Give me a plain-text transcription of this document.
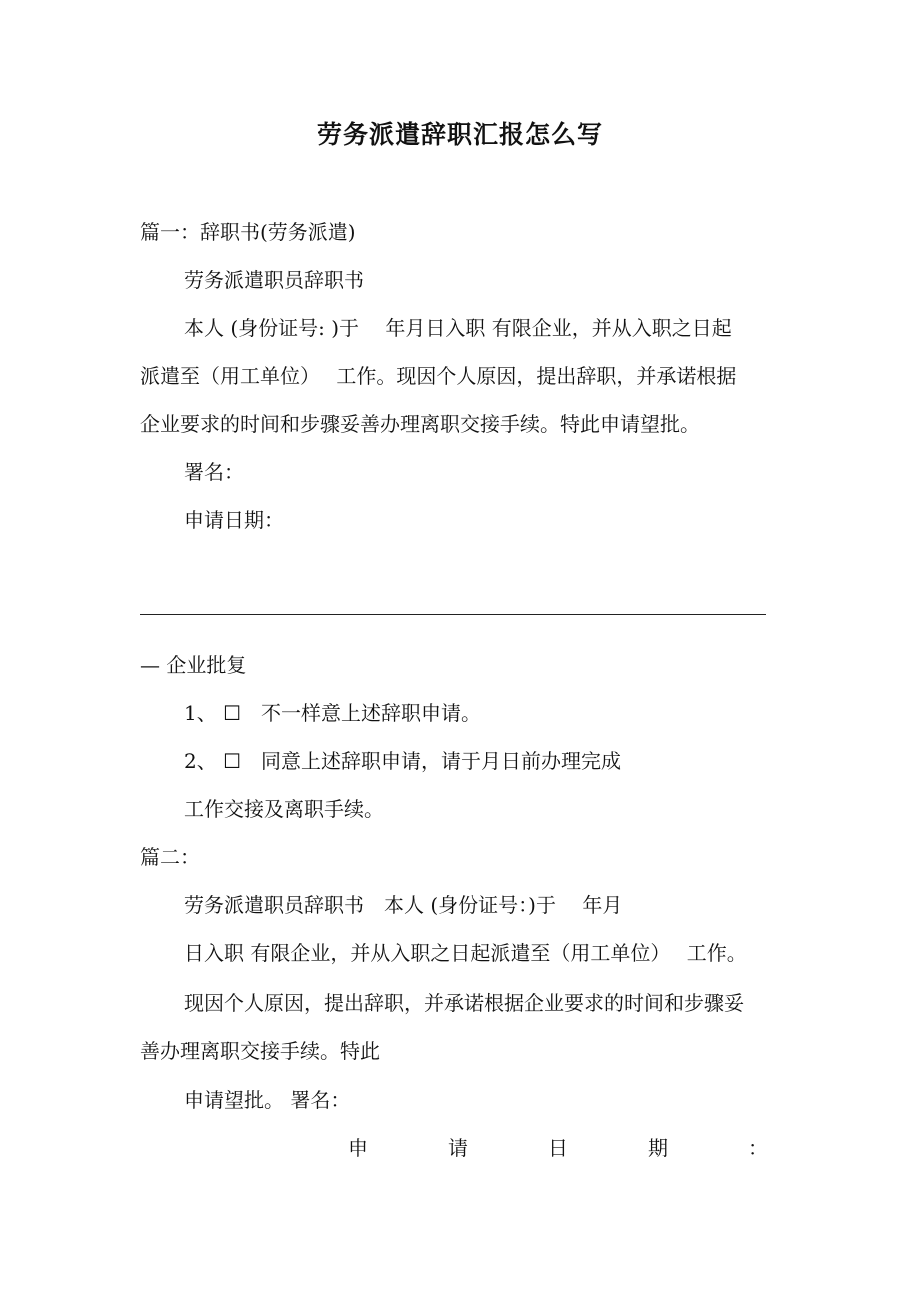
劳务派遣辞职汇报怎么写
篇一：辞职书(劳务派遣)
劳务派遣职员辞职书
本人 (身份证号: )于　 年月日入职 有限企业，并从入职之日起
派遣至（用工单位）　 工作。现因个人原因，提出辞职，并承诺根据
企业要求的时间和步骤妥善办理离职交接手续。特此申请望批。
署名：
申请日期：
— 企业批复
1、 ☐　不一样意上述辞职申请。
2、 ☐　同意上述辞职申请，请于月日前办理完成
工作交接及离职手续。
篇二：
劳务派遣职员辞职书　本人 (身份证号：)于　 年月
日入职 有限企业，并从入职之日起派遣至（用工单位）　 工作。
现因个人原因，提出辞职，并承诺根据企业要求的时间和步骤妥
善办理离职交接手续。特此
申请望批。 署名：
申	请	日	期	：
